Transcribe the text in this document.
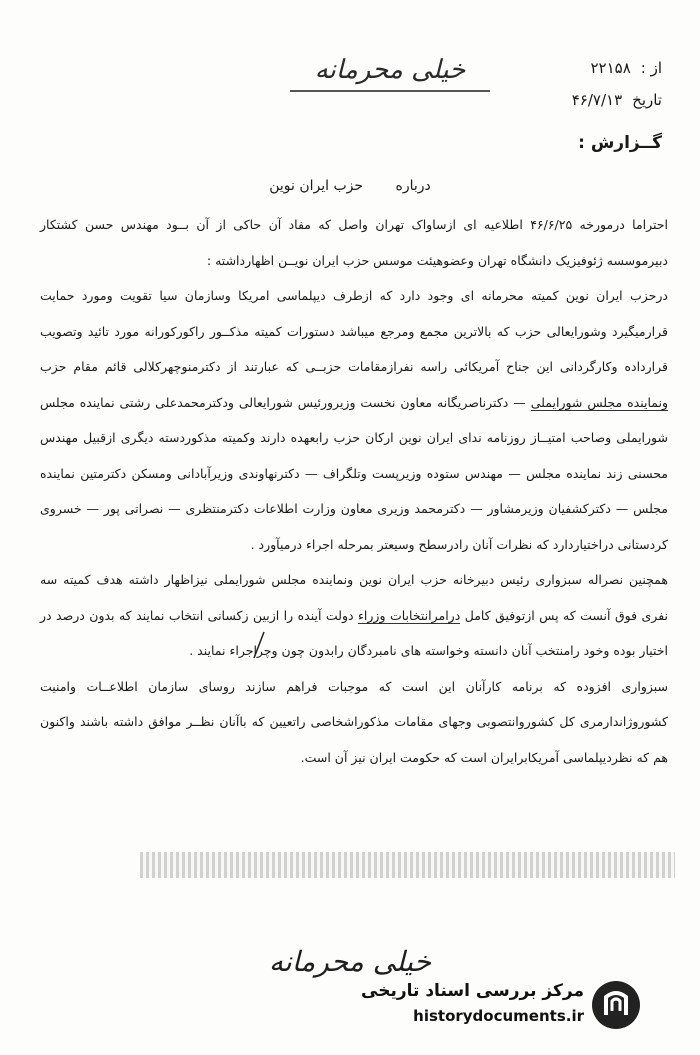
خیلی محرمانه	از :
۲۲۱۵۸
تاریخ
۴۶/۷/۱۳
گــزارش :
درباره حزب ایران نوین

احتراما درمورخه ۴۶/۶/۲۵ اطلاعیه ای ازساواک تهران واصل که مفاد آن حاکی از آن بــود مهندس حسن کشتکار دبیرموسسه ژئوفیزیک دانشگاه تهران وعضوهیئت موسس حزب ایران نویــن اظهارداشته :

درحزب ایران نوین کمیته محرمانه ای وجود دارد که ازطرف دیپلماسی امریکا وسازمان سیا تقویت ومورد حمایت قرارمیگیرد وشورایعالی حزب که بالاترین مجمع ومرجع میباشد دستورات کمیته مذکــور راکورکورانه مورد تائید وتصویب قرارداده وکارگردانی این جناح آمریکائی راسه نفرازمقامات حزبــی که عبارتند از دکترمنوچهرکلالی قائم مقام حزب ونماینده مجلس شورایملی — دکترناصریگانه معاون نخست وزیرورئیس شورایعالی ودکترمحمدعلی رشتی نماینده مجلس شورایملی وصاحب امتیــاز روزنامه ندای ایران نوین ارکان حزب رابعهده دارند وکمیته مذکوردسته دیگری ازقبیل مهندس محسنی زند نماینده مجلس — مهندس ستوده وزیرپست وتلگراف — دکترنهاوندی وزیرآبادانی ومسکن دکترمتین نماینده مجلس — دکترکشفیان وزیرمشاور — دکترمحمد وزیری معاون وزارت اطلاعات دکترمنتظری — نصراتی پور — خسروی کردستانی دراختیاردارد که نظرات آنان رادرسطح وسیعتر بمرحله اجراء درمیآورد .

همچنین نصراله سبزواری رئیس دبیرخانه حزب ایران نوین ونماینده مجلس شورایملی نیزاظهار داشته هدف کمیته سه نفری فوق آنست که پس ازتوفیق کامل درامرانتخابات وزراء دولت آینده را ازبین زکسانی انتخاب نمایند که بدون درصد در اختیار بوده وخود رامنتخب آنان دانسته وخواسته های نامبردگان رابدون چون وچراجراء نمایند .

سبزواری افزوده که برنامه کارآنان این است که موجبات فراهم سازند روسای سازمان اطلاعــات وامنیت کشوروژاندارمری کل کشوروانتصوبی وجهای مقامات مذکوراشخاصی راتعیین که باآنان نظــر موافق داشته باشند واکنون هم که نظردیپلماسی آمریکابرایران است که حکومت ایران نیز آن است.

خیلی محرمانه
مرکز بررسی اسناد تاریخی
historydocuments.ir
